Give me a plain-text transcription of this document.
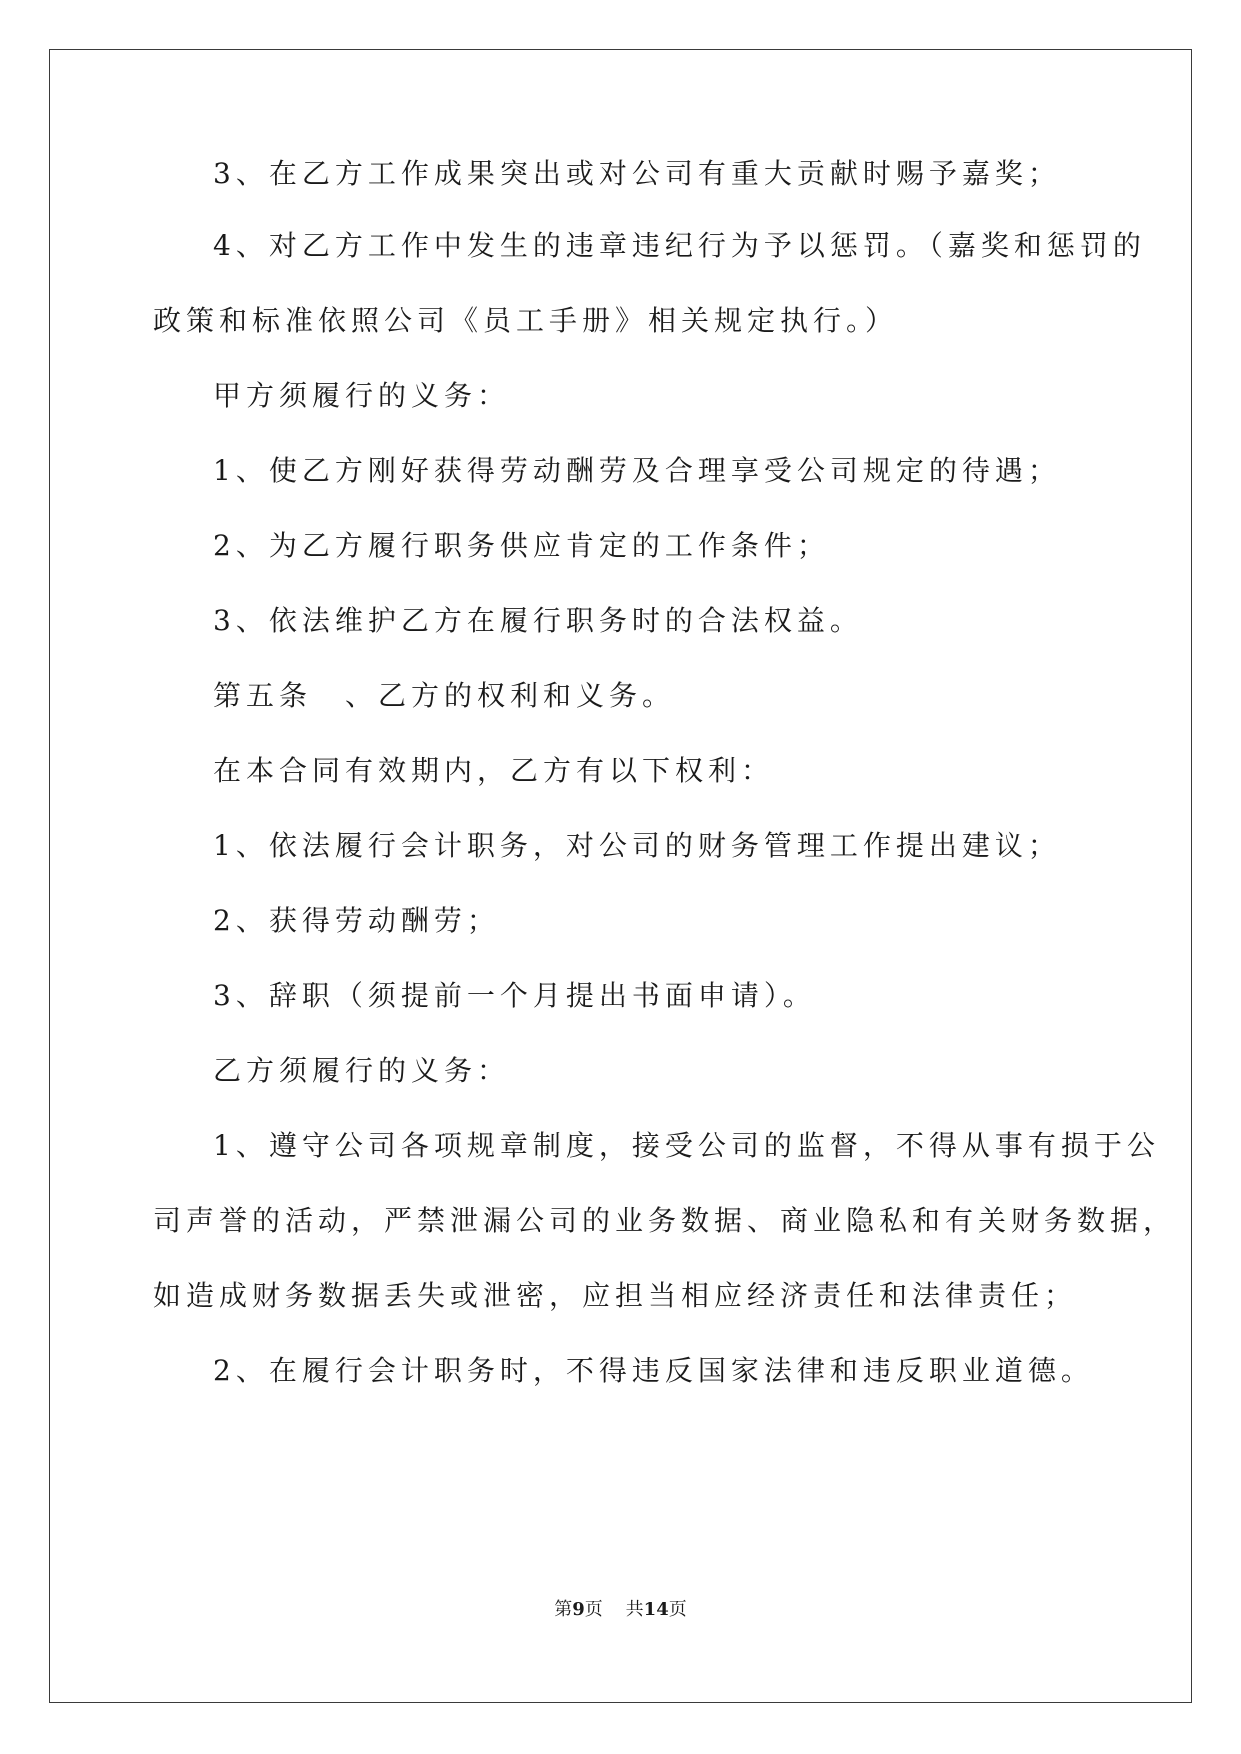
3、在乙方工作成果突出或对公司有重大贡献时赐予嘉奖；

4、对乙方工作中发生的违章违纪行为予以惩罚。（嘉奖和惩罚的

政策和标准依照公司《员工手册》相关规定执行。）

甲方须履行的义务：

1、使乙方刚好获得劳动酬劳及合理享受公司规定的待遇；

2、为乙方履行职务供应肯定的工作条件；

3、依法维护乙方在履行职务时的合法权益。

第五条　、乙方的权利和义务。

在本合同有效期内，乙方有以下权利：

1、依法履行会计职务，对公司的财务管理工作提出建议；

2、获得劳动酬劳；

3、辞职（须提前一个月提出书面申请）。

乙方须履行的义务：

1、遵守公司各项规章制度，接受公司的监督，不得从事有损于公

司声誉的活动，严禁泄漏公司的业务数据、商业隐私和有关财务数据，

如造成财务数据丢失或泄密，应担当相应经济责任和法律责任；

2、在履行会计职务时，不得违反国家法律和违反职业道德。

第9页 共14页
